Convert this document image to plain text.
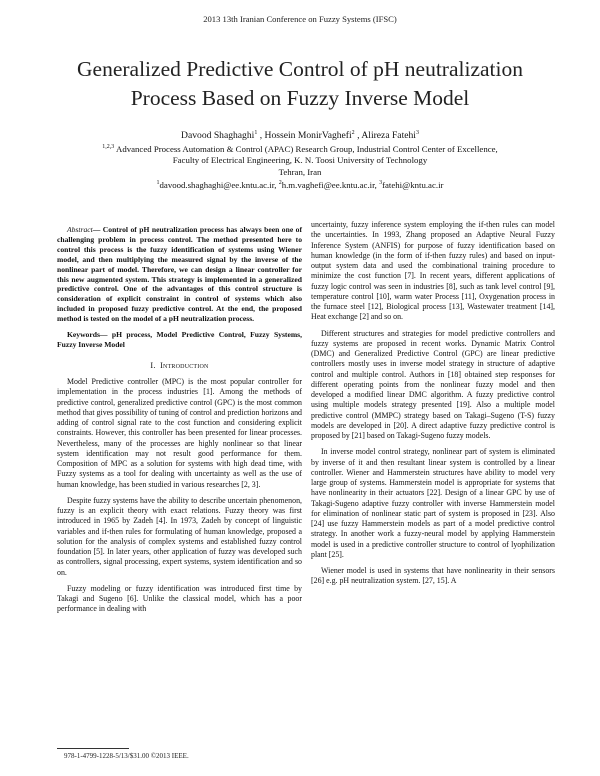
2013 13th Iranian Conference on Fuzzy Systems (IFSC)
Generalized Predictive Control of pH neutralization
Process Based on Fuzzy Inverse Model
Davood Shaghaghi$^1$ , Hossein MonirVaghefi$^2$ , Alireza Fatehi$^3$
$^{1,2,3}$ Advanced Process Automation & Control (APAC) Research Group, Industrial Control Center of Excellence,
Faculty of Electrical Engineering, K. N. Toosi University of Technology
Tehran, Iran
$^1$davood.shaghaghi@ee.kntu.ac.ir, $^2$h.m.vaghefi@ee.kntu.ac.ir, $^3$fatehi@kntu.ac.ir

Abstract— Control of pH neutralization process has always been one of challenging problem in process control. The method presented here to control this process is the fuzzy identification of systems using Wiener model, and then multiplying the measured signal by the inverse of the nonlinear part of model. Therefore, we can design a linear controller for this new augmented system. This strategy is implemented in a generalized predictive control. One of the advantages of this control structure is consideration of explicit constraint in control of systems which also included in proposed fuzzy predictive control. At the end, the proposed method is tested on the model of a pH neutralization process.

Keywords— pH process, Model Predictive Control, Fuzzy Systems, Fuzzy Inverse Model

I. Introduction

Model Predictive controller (MPC) is the most popular controller for implementation in the process industries [1]. Among the methods of predictive control, generalized predictive control (GPC) is the most common method that gives possibility of tuning of control and prediction horizons and adding of control signal rate to the cost function and considering explicit constraints. However, this controller has been presented for linear processes. Nevertheless, many of the processes are highly nonlinear so that linear system identification may not result good performance for them. Composition of MPC as a solution for systems with high dead time, with Fuzzy systems as a tool for dealing with uncertainty as well as the use of human knowledge, has been studied in various researches [2, 3].

Despite fuzzy systems have the ability to describe uncertain phenomenon, fuzzy is an explicit theory with exact relations. Fuzzy theory was first introduced in 1965 by Zadeh [4]. In 1973, Zadeh by concept of linguistic variables and if-then rules for formulating of human knowledge, proposed a solution for the analysis of complex systems and established fuzzy control foundation [5]. In later years, other application of fuzzy was developed such as controllers, signal processing, expert systems, system identification and so on.

Fuzzy modeling or fuzzy identification was introduced first time by Takagi and Sugeno [6]. Unlike the classical model, which has a poor performance in dealing with

uncertainty, fuzzy inference system employing the if-then rules can model the uncertainties. In 1993, Zhang proposed an Adaptive Neural Fuzzy Inference System (ANFIS) for purpose of fuzzy identification based on human knowledge (in the form of if-then fuzzy rules) and based on input-output system data and used the combinational training procedure to minimize the cost function [7]. In recent years, different applications of fuzzy logic control was seen in industries [8], such as tank level control [9], temperature control [10], warm water Process [11], Oxygenation process in the furnace steel [12], Biological process [13], Wastewater treatment [14], Heat exchange [2] and so on.

Different structures and strategies for model predictive controllers and fuzzy systems are proposed in recent works. Dynamic Matrix Control (DMC) and Generalized Predictive Control (GPC) are linear predictive controllers mostly uses in inverse model strategy in structure of adaptive control and multiple control. Authors in [18] obtained step responses for different operating points from the nonlinear fuzzy model and then developed a modified linear DMC algorithm. A fuzzy predictive control using multiple models strategy presented [19]. Also a multiple model predictive control (MMPC) strategy based on Takagi–Sugeno (T-S) fuzzy models are developed in [20]. A direct adaptive fuzzy predictive control is proposed by [21] based on Takagi-Sugeno fuzzy models.

In inverse model control strategy, nonlinear part of system is eliminated by inverse of it and then resultant linear system is controlled by a linear controller. Wiener and Hammerstein structures have ability to model very large group of systems. Hammerstein model is appropriate for systems that have nonlinearity in their actuators [22]. Design of a linear GPC by use of Takagi-Sugeno adaptive fuzzy controller with inverse Hammerstein model for elimination of nonlinear static part of system is proposed in [23]. Also [24] use fuzzy Hammerstein models as part of a model predictive control strategy. In another work a fuzzy-neural model by applying Hammerstein model is used in a predictive controller structure to control of lyophilization plant [25].

Wiener model is used in systems that have nonlinearity in their sensors [26] e.g. pH neutralization system. [27, 15]. A

978-1-4799-1228-5/13/$31.00 ©2013 IEEE.
